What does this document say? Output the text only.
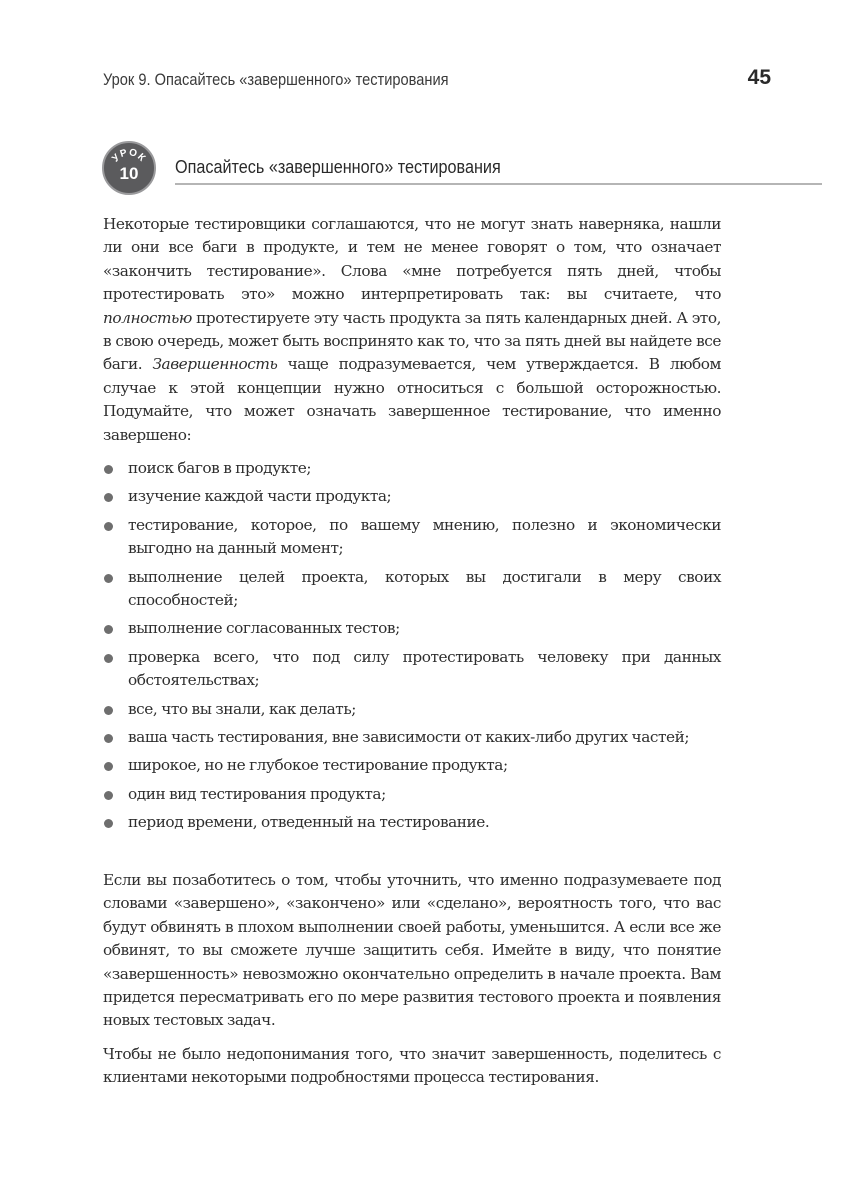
Урок 9. Опасайтесь «завершенного» тестирования	45
УРОК
10	Опасайтесь «завершенного» тестирования

Некоторые тестировщики соглашаются, что не могут знать наверняка, нашли ли они все баги в продукте, и тем не менее говорят о том, что означает «закончить тестирование». Слова «мне потребуется пять дней, чтобы протестировать это» можно интерпретировать так: вы считаете, что полностью протестируете эту часть продукта за пять календарных дней. А это, в свою очередь, может быть воспринято как то, что за пять дней вы найдете все баги. Завершенность чаще подразумевается, чем утверждается. В любом случае к этой концепции нужно относиться с большой осторожностью. Подумайте, что может означать завершенное тестирование, что именно завершено:

поиск багов в продукте;
изучение каждой части продукта;
тестирование, которое, по вашему мнению, полезно и экономически выгодно на данный момент;
выполнение целей проекта, которых вы достигали в меру своих способностей;
выполнение согласованных тестов;
проверка всего, что под силу протестировать человеку при данных обстоятельствах;
все, что вы знали, как делать;
ваша часть тестирования, вне зависимости от каких-либо других частей;
широкое, но не глубокое тестирование продукта;
один вид тестирования продукта;
период времени, отведенный на тестирование.

Если вы позаботитесь о том, чтобы уточнить, что именно подразумеваете под словами «завершено», «закончено» или «сделано», вероятность того, что вас будут обвинять в плохом выполнении своей работы, уменьшится. А если все же обвинят, то вы сможете лучше защитить себя. Имейте в виду, что понятие «завершенность» невозможно окончательно определить в начале проекта. Вам придется пересматривать его по мере развития тестового проекта и появления новых тестовых задач.

Чтобы не было недопонимания того, что значит завершенность, поделитесь с клиентами некоторыми подробностями процесса тестирования.
